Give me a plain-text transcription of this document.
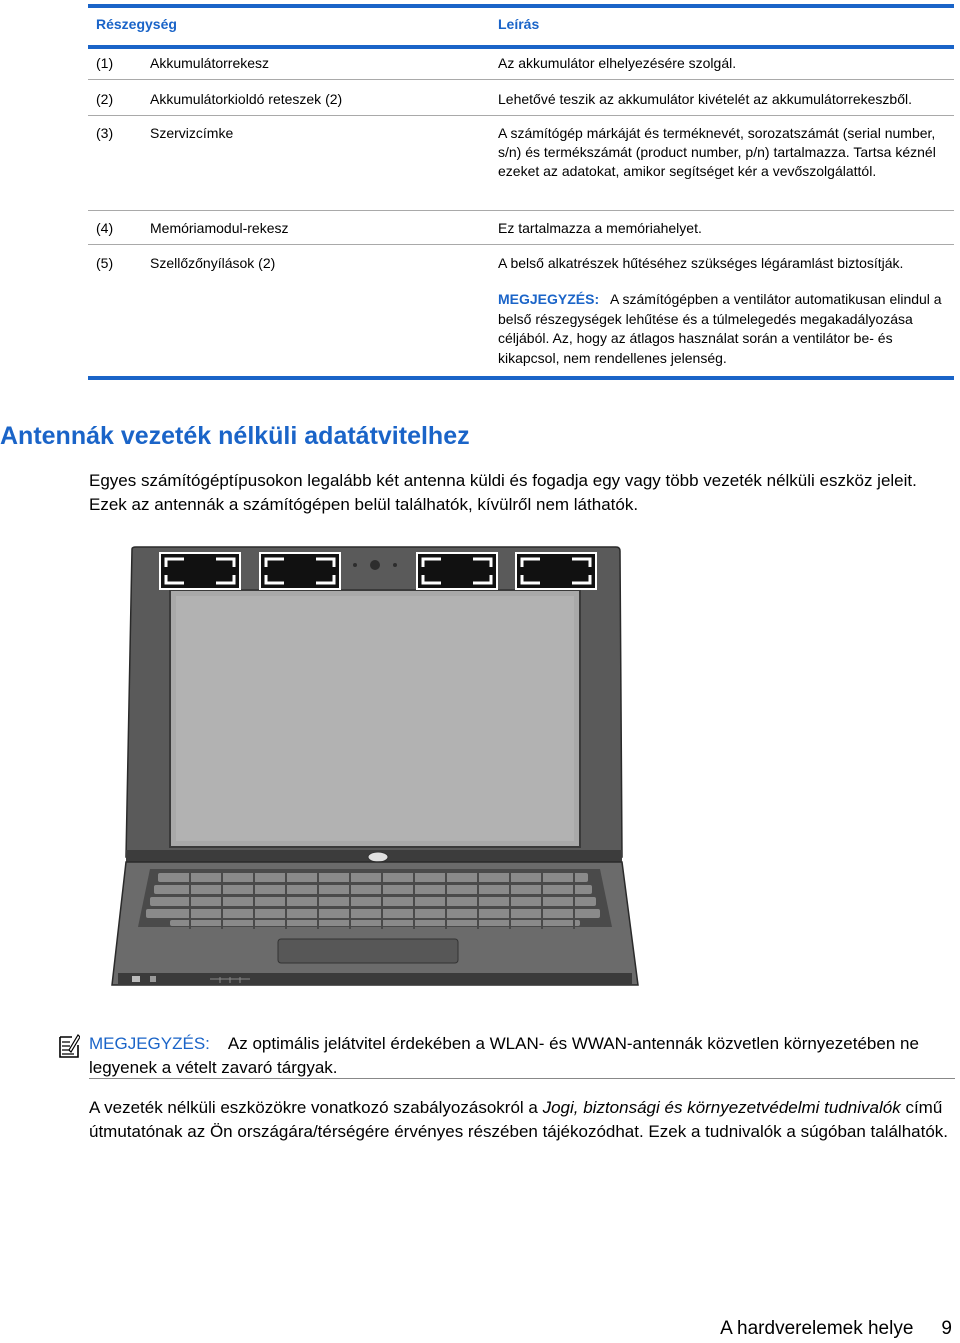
Részegység	Leírás
(1)	Akkumulátorrekesz	Az akkumulátor elhelyezésére szolgál.
(2)	Akkumulátorkioldó reteszek (2)	Lehetővé teszik az akkumulátor kivételét az akkumulátorrekeszből.
(3)	Szervizcímke	A számítógép márkáját és terméknevét, sorozatszámát (serial number, s/n) és termékszámát (product number, p/n) tartalmazza. Tartsa kéznél ezeket az adatokat, amikor segítséget kér a vevőszolgálattól.
(4)	Memóriamodul-rekesz	Ez tartalmazza a memóriahelyet.
(5)	Szellőzőnyílások (2)	A belső alkatrészek hűtéséhez szükséges légáramlást biztosítják.
MEGJEGYZÉS: A számítógépben a ventilátor automatikusan elindul a belső részegységek lehűtése és a túlmelegedés megakadályozása céljából. Az, hogy az átlagos használat során a ventilátor be- és kikapcsol, nem rendellenes jelenség.
Antennák vezeték nélküli adatátvitelhez
Egyes számítógéptípusokon legalább két antenna küldi és fogadja egy vagy több vezeték nélküli eszköz jeleit. Ezek az antennák a számítógépen belül találhatók, kívülről nem láthatók.
MEGJEGYZÉS: Az optimális jelátvitel érdekében a WLAN- és WWAN-antennák közvetlen környezetében ne legyenek a vételt zavaró tárgyak.
A vezeték nélküli eszközökre vonatkozó szabályozásokról a Jogi, biztonsági és környezetvédelmi tudnivalók című útmutatónak az Ön országára/térségére érvényes részében tájékozódhat. Ezek a tudnivalók a súgóban találhatók.
A hardverelemek helye 9
